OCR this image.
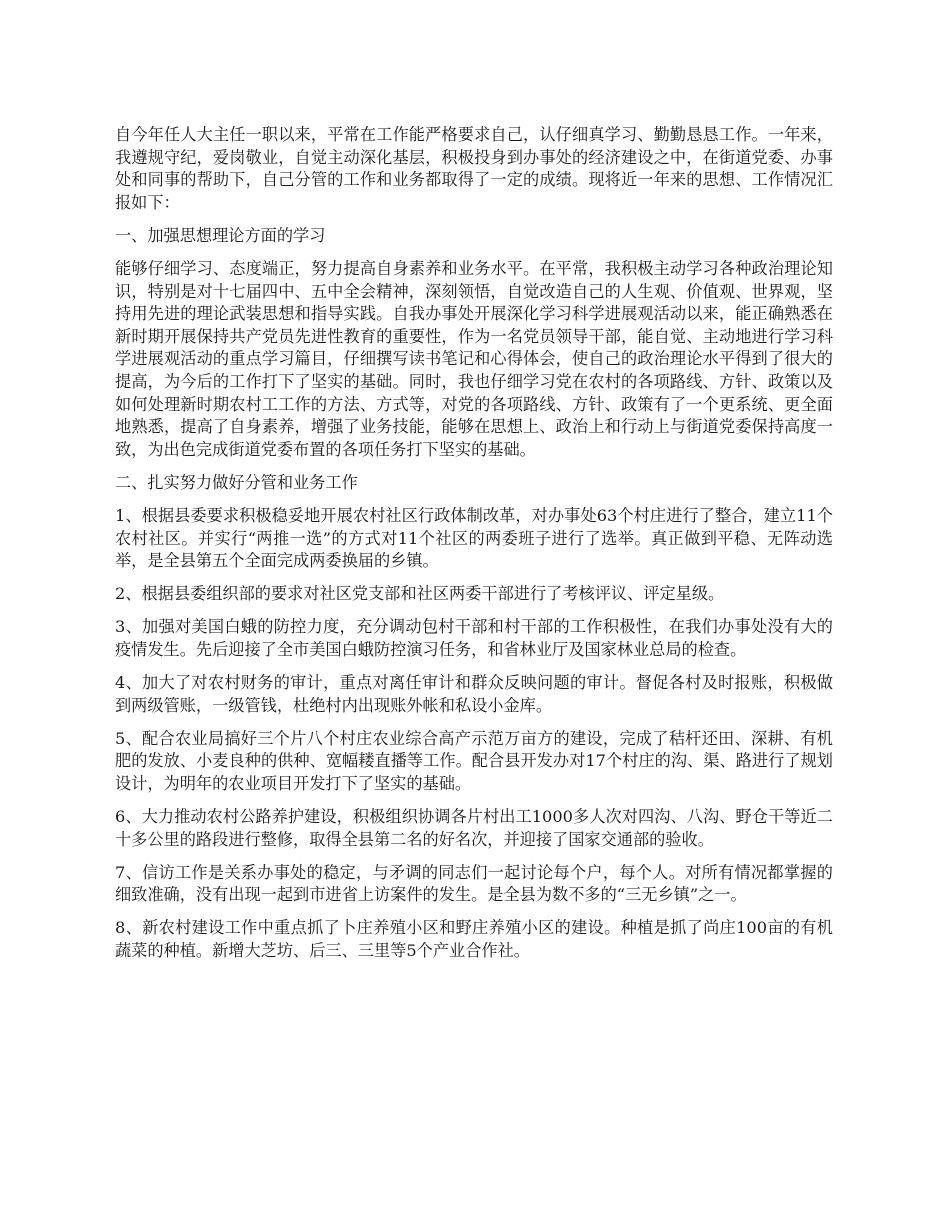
自今年任人大主任一职以来，平常在工作能严格要求自己，认仔细真学习、勤勤恳恳工作。一年来，我遵规守纪，爱岗敬业，自觉主动深化基层，积极投身到办事处的经济建设之中，在街道党委、办事处和同事的帮助下，自己分管的工作和业务都取得了一定的成绩。现将近一年来的思想、工作情况汇报如下：

一、加强思想理论方面的学习

能够仔细学习、态度端正，努力提高自身素养和业务水平。在平常，我积极主动学习各种政治理论知识，特别是对十七届四中、五中全会精神，深刻领悟，自觉改造自己的人生观、价值观、世界观，坚持用先进的理论武装思想和指导实践。自我办事处开展深化学习科学进展观活动以来，能正确熟悉在新时期开展保持共产党员先进性教育的重要性，作为一名党员领导干部，能自觉、主动地进行学习科学进展观活动的重点学习篇目，仔细撰写读书笔记和心得体会，使自己的政治理论水平得到了很大的提高，为今后的工作打下了坚实的基础。同时，我也仔细学习党在农村的各项路线、方针、政策以及如何处理新时期农村工工作的方法、方式等，对党的各项路线、方针、政策有了一个更系统、更全面地熟悉，提高了自身素养，增强了业务技能，能够在思想上、政治上和行动上与街道党委保持高度一致，为出色完成街道党委布置的各项任务打下坚实的基础。

二、扎实努力做好分管和业务工作

1、根据县委要求积极稳妥地开展农村社区行政体制改革，对办事处63个村庄进行了整合，建立11个农村社区。并实行“两推一选”的方式对11个社区的两委班子进行了选举。真正做到平稳、无阵动选举，是全县第五个全面完成两委换届的乡镇。

2、根据县委组织部的要求对社区党支部和社区两委干部进行了考核评议、评定星级。

3、加强对美国白蛾的防控力度，充分调动包村干部和村干部的工作积极性，在我们办事处没有大的疫情发生。先后迎接了全市美国白蛾防控演习任务，和省林业厅及国家林业总局的检查。

4、加大了对农村财务的审计，重点对离任审计和群众反映问题的审计。督促各村及时报账，积极做到两级管账，一级管钱，杜绝村内出现账外帐和私设小金库。

5、配合农业局搞好三个片八个村庄农业综合高产示范万亩方的建设，完成了秸杆还田、深耕、有机肥的发放、小麦良种的供种、宽幅耧直播等工作。配合县开发办对17个村庄的沟、渠、路进行了规划设计，为明年的农业项目开发打下了坚实的基础。

6、大力推动农村公路养护建设，积极组织协调各片村出工1000多人次对四沟、八沟、野仓干等近二十多公里的路段进行整修，取得全县第二名的好名次，并迎接了国家交通部的验收。

7、信访工作是关系办事处的稳定，与矛调的同志们一起讨论每个户，每个人。对所有情况都掌握的细致准确，没有出现一起到市进省上访案件的发生。是全县为数不多的“三无乡镇”之一。

8、新农村建设工作中重点抓了卜庄养殖小区和野庄养殖小区的建设。种植是抓了尚庄100亩的有机蔬菜的种植。新增大芝坊、后三、三里等5个产业合作社。
